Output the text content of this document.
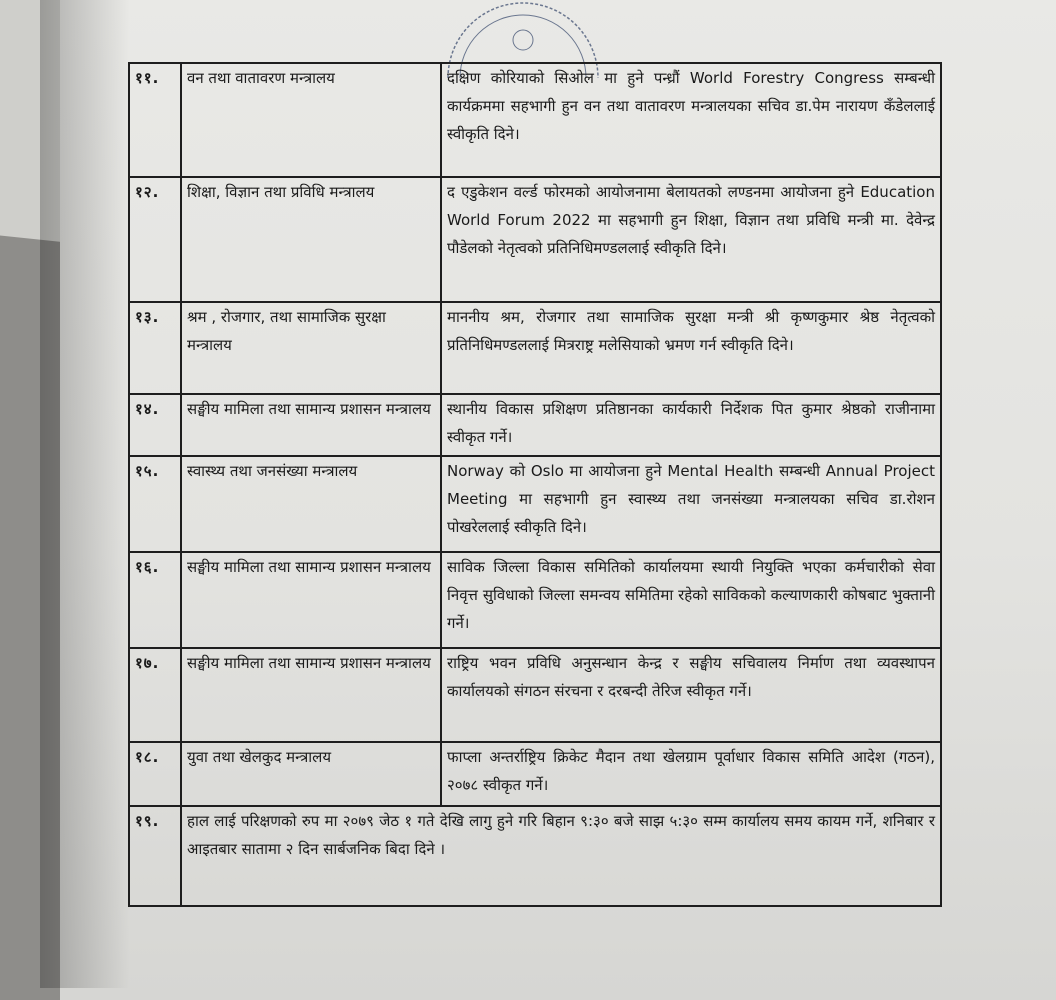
११.	वन तथा वातावरण मन्त्रालय	दक्षिण कोरियाको सिओल मा हुने पन्ध्रौं World Forestry Congress सम्बन्धी कार्यक्रममा सहभागी हुन वन तथा वातावरण मन्त्रालयका सचिव डा.पेम नारायण कँडेललाई स्वीकृति दिने।

१२.	शिक्षा, विज्ञान तथा प्रविधि मन्त्रालय	द एडुकेशन वर्ल्ड फोरमको आयोजनामा बेलायतको लण्डनमा आयोजना हुने Education World Forum 2022 मा सहभागी हुन शिक्षा, विज्ञान तथा प्रविधि मन्त्री मा. देवेन्द्र पौडेलको नेतृत्वको प्रतिनिधिमण्डललाई स्वीकृति दिने।

१३.	श्रम , रोजगार, तथा सामाजिक सुरक्षा मन्त्रालय	माननीय श्रम, रोजगार तथा सामाजिक सुरक्षा मन्त्री श्री कृष्णकुमार श्रेष्ठ नेतृत्वको प्रतिनिधिमण्डललाई मित्रराष्ट्र मलेसियाको भ्रमण गर्न स्वीकृति दिने।

१४.	सङ्घीय मामिला तथा सामान्य प्रशासन मन्त्रालय	स्थानीय विकास प्रशिक्षण प्रतिष्ठानका कार्यकारी निर्देशक पित कुमार श्रेष्ठको राजीनामा स्वीकृत गर्ने।

१५.	स्वास्थ्य तथा जनसंख्या मन्त्रालय	Norway को Oslo मा आयोजना हुने Mental Health सम्बन्धी Annual Project Meeting मा सहभागी हुन स्वास्थ्य तथा जनसंख्या मन्त्रालयका सचिव डा.रोशन पोखरेललाई स्वीकृति दिने।

१६.	सङ्घीय मामिला तथा सामान्य प्रशासन मन्त्रालय	साविक जिल्ला विकास समितिको कार्यालयमा स्थायी नियुक्ति भएका कर्मचारीको सेवा निवृत्त सुविधाको जिल्ला समन्वय समितिमा रहेको साविकको कल्याणकारी कोषबाट भुक्तानी गर्ने।

१७.	सङ्घीय मामिला तथा सामान्य प्रशासन मन्त्रालय	राष्ट्रिय भवन प्रविधि अनुसन्धान केन्द्र र सङ्घीय सचिवालय निर्माण तथा व्यवस्थापन कार्यालयको संगठन संरचना र दरबन्दी तेरिज स्वीकृत गर्ने।

१८.	युवा तथा खेलकुद मन्त्रालय	फाप्ला अन्तर्राष्ट्रिय क्रिकेट मैदान तथा खेलग्राम पूर्वाधार विकास समिति आदेश (गठन), २०७८ स्वीकृत गर्ने।

१९.	हाल लाई परिक्षणको रुप मा २०७९ जेठ १ गते देखि लागु हुने गरि बिहान ९:३० बजे साझ ५:३० सम्म कार्यालय समय कायम गर्ने, शनिबार र आइतबार सातामा २ दिन सार्बजनिक बिदा दिने ।	
